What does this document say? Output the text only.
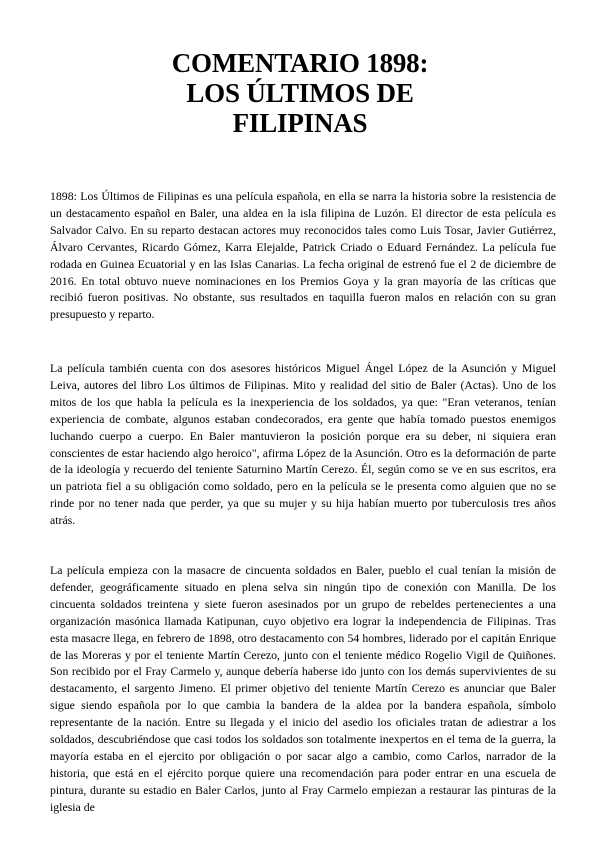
COMENTARIO 1898:
LOS ÚLTIMOS DE
FILIPINAS

1898: Los Últimos de Filipinas es una película española, en ella se narra la historia sobre la resistencia de un destacamento español en Baler, una aldea en la isla filipina de Luzón. El director de esta película es Salvador Calvo. En su reparto destacan actores muy reconocidos tales como Luis Tosar, Javier Gutiérrez, Álvaro Cervantes, Ricardo Gómez, Karra Elejalde, Patrick Criado o Eduard Fernández. La película fue rodada en Guinea Ecuatorial y en las Islas Canarias. La fecha original de estrenó fue el 2 de diciembre de 2016. En total obtuvo nueve nominaciones en los Premios Goya y la gran mayoría de las críticas que recibió fueron positivas. No obstante, sus resultados en taquilla fueron malos en relación con su gran presupuesto y reparto.

La película también cuenta con dos asesores históricos Miguel Ángel López de la Asunción y Miguel Leiva, autores del libro Los últimos de Filipinas. Mito y realidad del sitio de Baler (Actas). Uno de los mitos de los que habla la película es la inexperiencia de los soldados, ya que: "Eran veteranos, tenían experiencia de combate, algunos estaban condecorados, era gente que había tomado puestos enemigos luchando cuerpo a cuerpo. En Baler mantuvieron la posición porque era su deber, ni siquiera eran conscientes de estar haciendo algo heroico", afirma López de la Asunción. Otro es la deformación de parte de la ideología y recuerdo del teniente Saturnino Martín Cerezo. Él, según como se ve en sus escritos, era un patriota fiel a su obligación como soldado, pero en la película se le presenta como alguien que no se rinde por no tener nada que perder, ya que su mujer y su hija habían muerto por tuberculosis tres años atrás.

La película empieza con la masacre de cincuenta soldados en Baler, pueblo el cual tenían la misión de defender, geográficamente situado en plena selva sin ningún tipo de conexión con Manilla. De los cincuenta soldados treintena y siete fueron asesinados por un grupo de rebeldes pertenecientes a una organización masónica llamada Katipunan, cuyo objetivo era lograr la independencia de Filipinas. Tras esta masacre llega, en febrero de 1898, otro destacamento con 54 hombres, liderado por el capitán Enrique de las Moreras y por el teniente Martín Cerezo, junto con el teniente médico Rogelio Vigil de Quiñones. Son recibido por el Fray Carmelo y, aunque debería haberse ido junto con los demás supervivientes de su destacamento, el sargento Jimeno. El primer objetivo del teniente Martín Cerezo es anunciar que Baler sigue siendo española por lo que cambia la bandera de la aldea por la bandera española, símbolo representante de la nación. Entre su llegada y el inicio del asedio los oficiales tratan de adiestrar a los soldados, descubriéndose que casi todos los soldados son totalmente inexpertos en el tema de la guerra, la mayoría estaba en el ejercito por obligación o por sacar algo a cambio, como Carlos, narrador de la historia, que está en el ejército porque quiere una recomendación para poder entrar en una escuela de pintura, durante su estadio en Baler Carlos, junto al Fray Carmelo empiezan a restaurar las pinturas de la iglesia de
